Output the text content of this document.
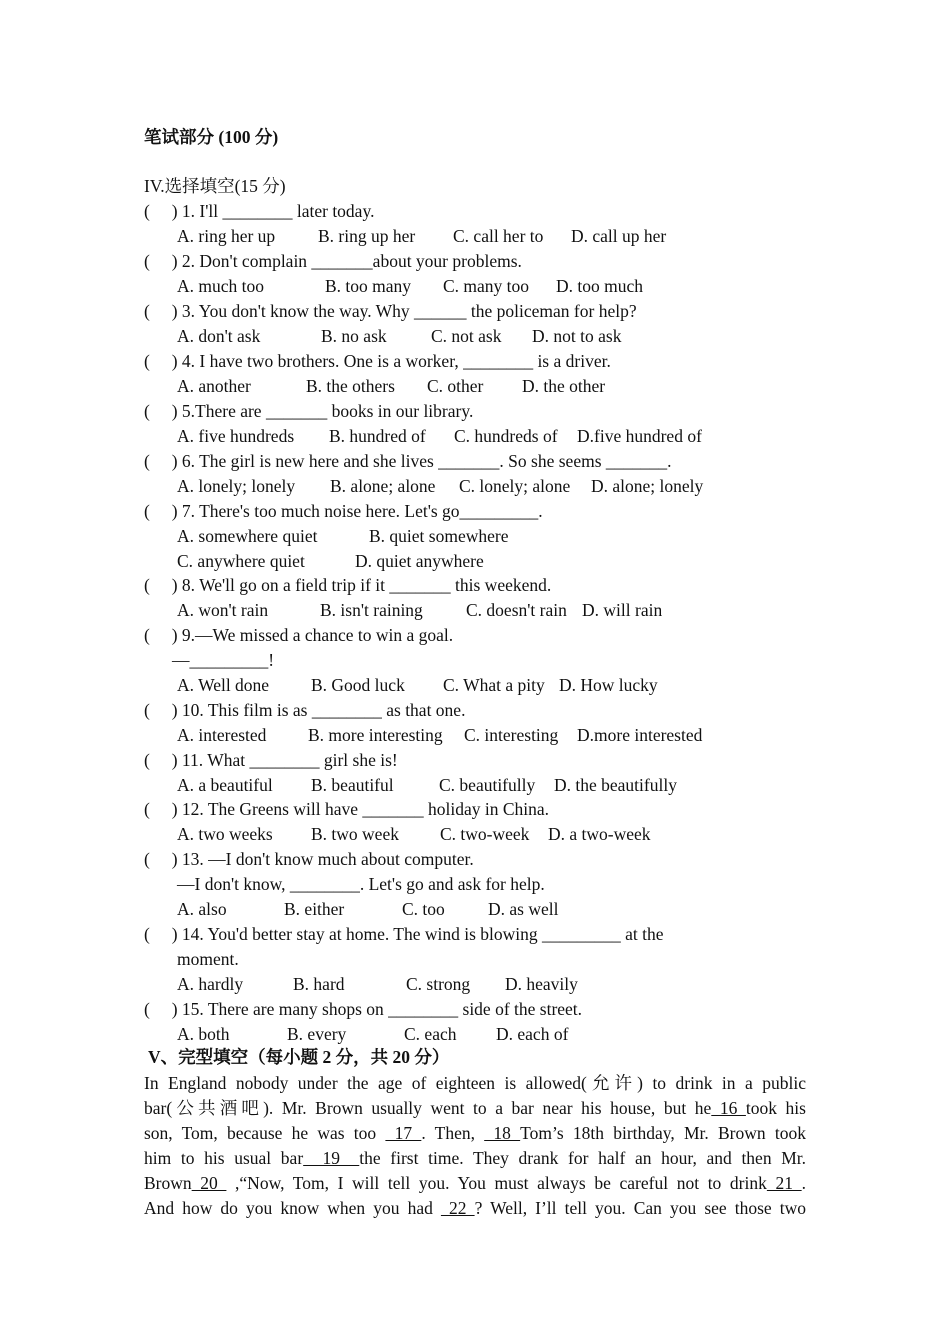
笔试部分 (100 分)
IV.选择填空(15 分)
(     ) 1. I'll ________ later today.
A. ring her up B. ring up her C. call her to D. call up her
(     ) 2. Don't complain _______about your problems.
A. much too	B. too many C. many too D. too much
(     ) 3. You don't know the way. Why ______ the policeman for help?
A. don't ask	B. no ask	C. not ask D. not to ask
(     ) 4. I have two brothers. One is a worker, ________ is a driver.
A. another	B. the others C. other D. the other
(     ) 5.There are _______ books in our library.
A. five hundreds B. hundred of C. hundreds of D.five hundred of
(     ) 6. The girl is new here and she lives _______. So she seems _______.
A. lonely; lonely B. alone; alone C. lonely; alone D. alone; lonely
(     ) 7. There's too much noise here. Let's go_________.
A. somewhere quiet	B. quiet somewhere
C. anywhere quiet	D. quiet anywhere
(     ) 8. We'll go on a field trip if it _______ this weekend.
A. won't rain	B. isn't raining C. doesn't rain D. will rain
(     ) 9.—We missed a chance to win a goal.
—_________!
A. Well done B. Good luck C. What a pity D. How lucky
(     ) 10. This film is as ________ as that one.
A. interested B. more interesting C. interesting D.more interested
(     ) 11. What ________ girl she is!
A. a beautiful B. beautiful	C. beautifully D. the beautifully
(     ) 12. The Greens will have _______ holiday in China.
A. two weeks B. two week C. two-week D. a two-week
(     ) 13. —I don't know much about computer.
—I don't know, ________. Let's go and ask for help.
A. also	B. either	C. too D. as well
(     ) 14. You'd better stay at home. The wind is blowing _________ at the
moment.
A. hardly	B. hard	C. strong D. heavily
(     ) 15. There are many shops on ________ side of the street.
A. both	B. every	C. each D. each of
V、完型填空（每小题 2 分，共 20 分）
In England nobody under the age of eighteen is allowed(允许) to drink in a public
bar(公共酒吧). Mr. Brown usually went to a bar near his house, but he 16 took his
son, Tom, because he was too  17 . Then,  18 Tom’s 18th birthday, Mr. Brown took
him to his usual bar  19  the first time. They drank for half an hour, and then Mr.
Brown 20  ,“Now, Tom, I will tell you. You must always be careful not to drink 21 .
And how do you know when you had  22 ? Well, I’ll tell you. Can you see those two
